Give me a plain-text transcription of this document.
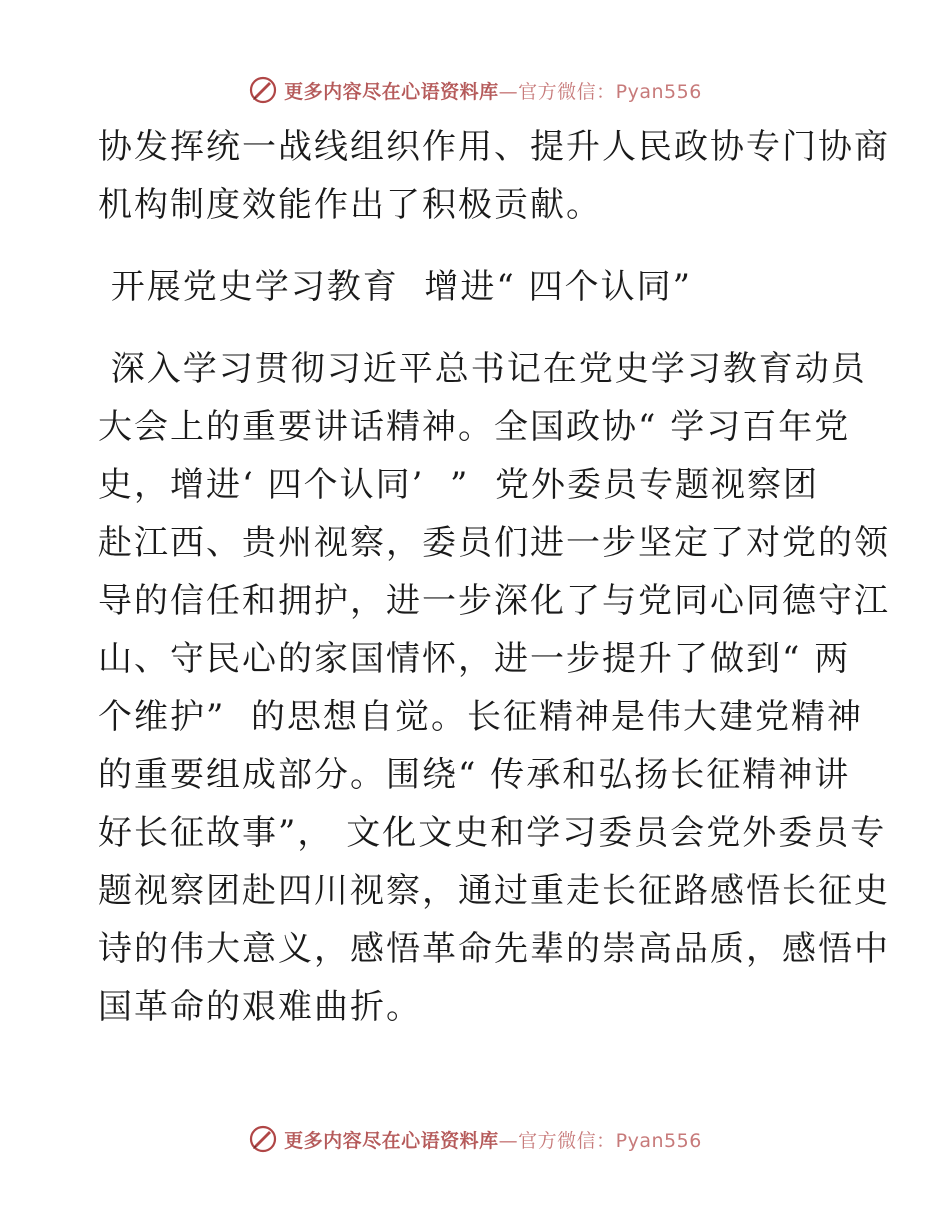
更多内容尽在心语资料库—官方微信：Pyan556
协发挥统一战线组织作用、提升人民政协专门协商
机构制度效能作出了积极贡献。
开展党史学习教育  增进“ 四个认同”
深入学习贯彻习近平总书记在党史学习教育动员
大会上的重要讲话精神。全国政协“ 学习百年党
史，增进‘ 四个认同’  ”  党外委员专题视察团
赴江西、贵州视察，委员们进一步坚定了对党的领
导的信任和拥护，进一步深化了与党同心同德守江
山、守民心的家国情怀，进一步提升了做到“ 两
个维护”  的思想自觉。长征精神是伟大建党精神
的重要组成部分。围绕“ 传承和弘扬长征精神讲
好长征故事”， 文化文史和学习委员会党外委员专
题视察团赴四川视察，通过重走长征路感悟长征史
诗的伟大意义，感悟革命先辈的崇高品质，感悟中
国革命的艰难曲折。
更多内容尽在心语资料库—官方微信：Pyan556
